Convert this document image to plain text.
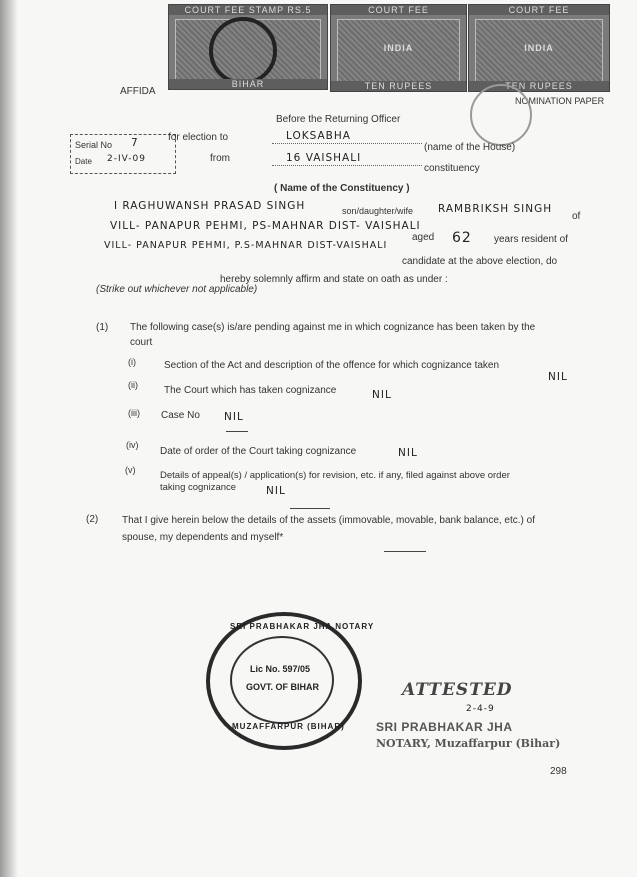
COURT FEE STAMP RS.5
BIHAR
COURT FEE
INDIA
TEN RUPEES
COURT FEE
INDIA
TEN RUPEES
AFFIDA
NOMINATION PAPER
Before the Returning Officer
Serial No 7
Date 2-IV-09
for election to	LOKSABHA
(name of the House)
from	16 VAISHALI
constituency
( Name of the Constituency )
I RAGHUWANSH PRASAD SINGH	son/daughter/wife RAMBRIKSH SINGH
of
VILL- PANAPUR PEHMI, PS-MAHNAR DIST- VAISHALI
aged 62 years resident of
VILL- PANAPUR PEHMI, P.S-MAHNAR DIST-VAISHALI
candidate at the above election, do
hereby solemnly affirm and state on oath as under :
(Strike out whichever not applicable)
(1) The following case(s) is/are pending against me in which cognizance has been taken by the
court
(i)	Section of the Act and description of the offence for which cognizance taken
NIL
(ii)	The Court which has taken cognizance	NIL
(iii) Case No NIL
(iv)
Date of order of the Court taking cognizance	NIL
(v)	Details of appeal(s) / application(s) for revision, etc. if any, filed against above order
taking cognizance	NIL
(2) That I give herein below the details of the assets (immovable, movable, bank balance, etc.) of
spouse, my dependents and myself*
SRI PRABHAKAR JHA NOTARY
Lic No. 597/05
GOVT. OF BIHAR
MUZAFFARPUR (BIHAR)
ATTESTED
2-4-9
SRI PRABHAKAR JHA
NOTARY, Muzaffarpur (Bihar)
298
